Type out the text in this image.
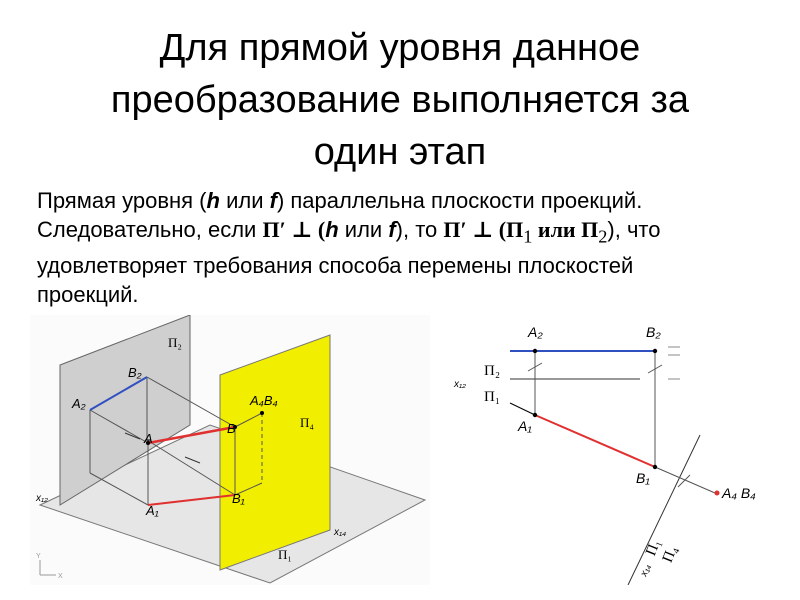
Для прямой уровня данное
преобразование выполняется за
один этап
Прямая уровня (h или f) параллельна плоскости проекций.
Следовательно, если П′ ⊥ (h или f), то П′ ⊥ ($П_1$ или $П_2$), что
удовлетворяет требования способа перемены плоскостей
проекций.
П₂
П₄
П₁
A₂
B₂
A
B
A₄B₄
A₁
B₁
x₁₂
x₁₄
Y
X
A₂	B₂
A₁
B₁
A₄ B₄
x₁₂
П₂
П₁
x₁₄
П₁
П₄
